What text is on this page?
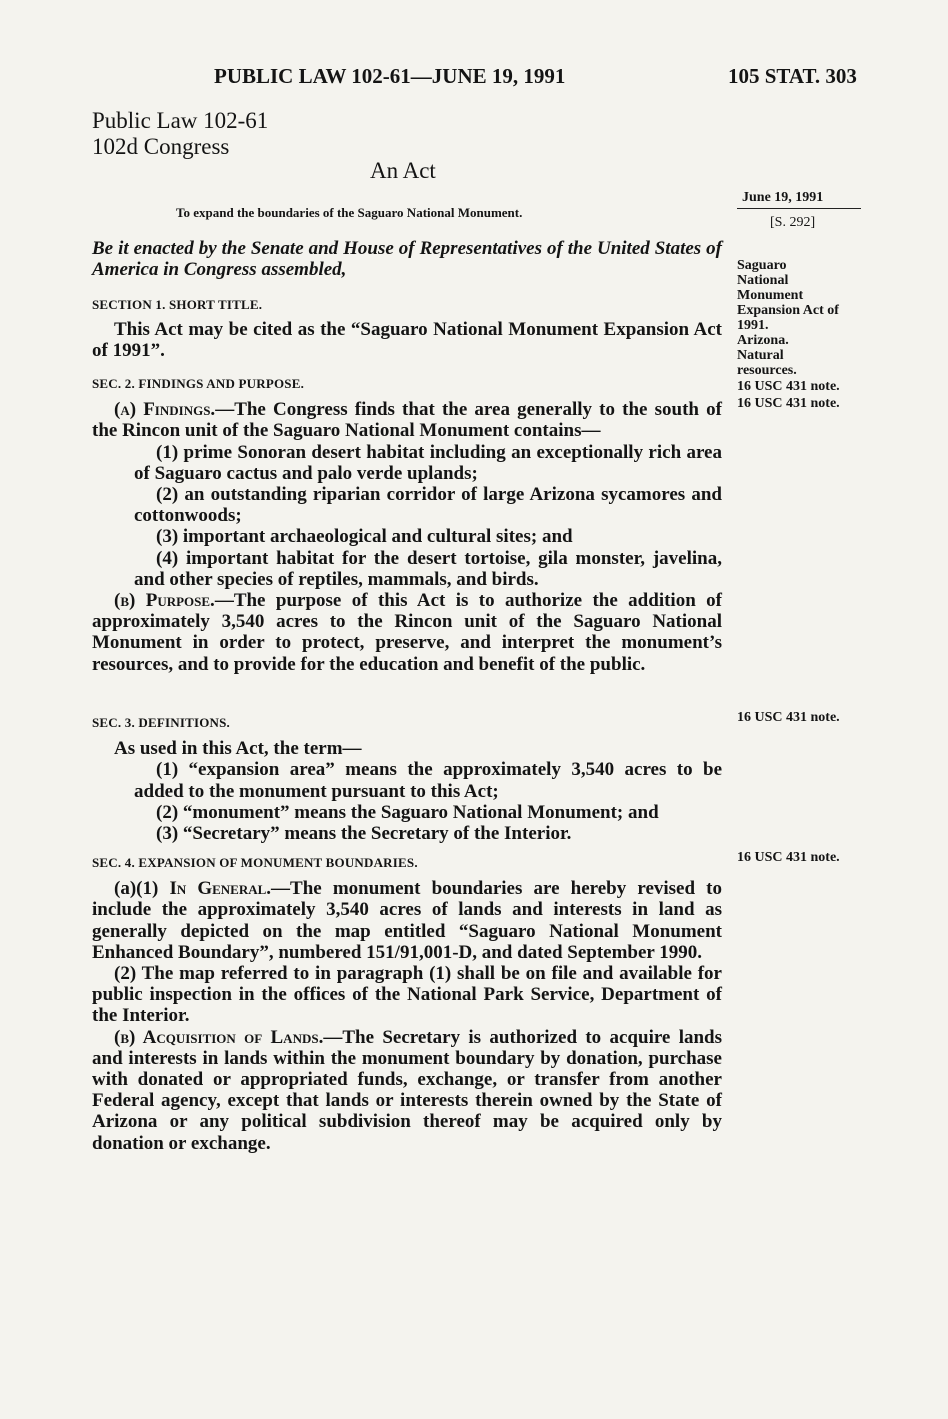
PUBLIC LAW 102-61—JUNE 19, 1991	105 STAT. 303
Public Law 102-61
102d Congress
An Act
To expand the boundaries of the Saguaro National Monument.
June 19, 1991
[S. 292]
Saguaro
National
Monument
Expansion Act of
1991.
Arizona.
Natural
resources.
16 USC 431 note.
16 USC 431 note.
16 USC 431 note.
16 USC 431 note.

Be it enacted by the Senate and House of Representatives of the United States of America in Congress assembled,

SECTION 1. SHORT TITLE.

This Act may be cited as the “Saguaro National Monument Expansion Act of 1991”.

SEC. 2. FINDINGS AND PURPOSE.

(a) Findings.—The Congress finds that the area generally to the south of the Rincon unit of the Saguaro National Monument contains—

(1) prime Sonoran desert habitat including an exceptionally rich area of Saguaro cactus and palo verde uplands;

(2) an outstanding riparian corridor of large Arizona sycamores and cottonwoods;

(3) important archaeological and cultural sites; and

(4) important habitat for the desert tortoise, gila monster, javelina, and other species of reptiles, mammals, and birds.

(b) Purpose.—The purpose of this Act is to authorize the addition of approximately 3,540 acres to the Rincon unit of the Saguaro National Monument in order to protect, preserve, and interpret the monument’s resources, and to provide for the education and benefit of the public.

SEC. 3. DEFINITIONS.

As used in this Act, the term—

(1) “expansion area” means the approximately 3,540 acres to be added to the monument pursuant to this Act;

(2) “monument” means the Saguaro National Monument; and

(3) “Secretary” means the Secretary of the Interior.

SEC. 4. EXPANSION OF MONUMENT BOUNDARIES.

(a)(1) In General.—The monument boundaries are hereby revised to include the approximately 3,540 acres of lands and interests in land as generally depicted on the map entitled “Saguaro National Monument Enhanced Boundary”, numbered 151/91,001-D, and dated September 1990.

(2) The map referred to in paragraph (1) shall be on file and available for public inspection in the offices of the National Park Service, Department of the Interior.

(b) Acquisition of Lands.—The Secretary is authorized to acquire lands and interests in lands within the monument boundary by donation, purchase with donated or appropriated funds, exchange, or transfer from another Federal agency, except that lands or interests therein owned by the State of Arizona or any political subdivision thereof may be acquired only by donation or exchange.
